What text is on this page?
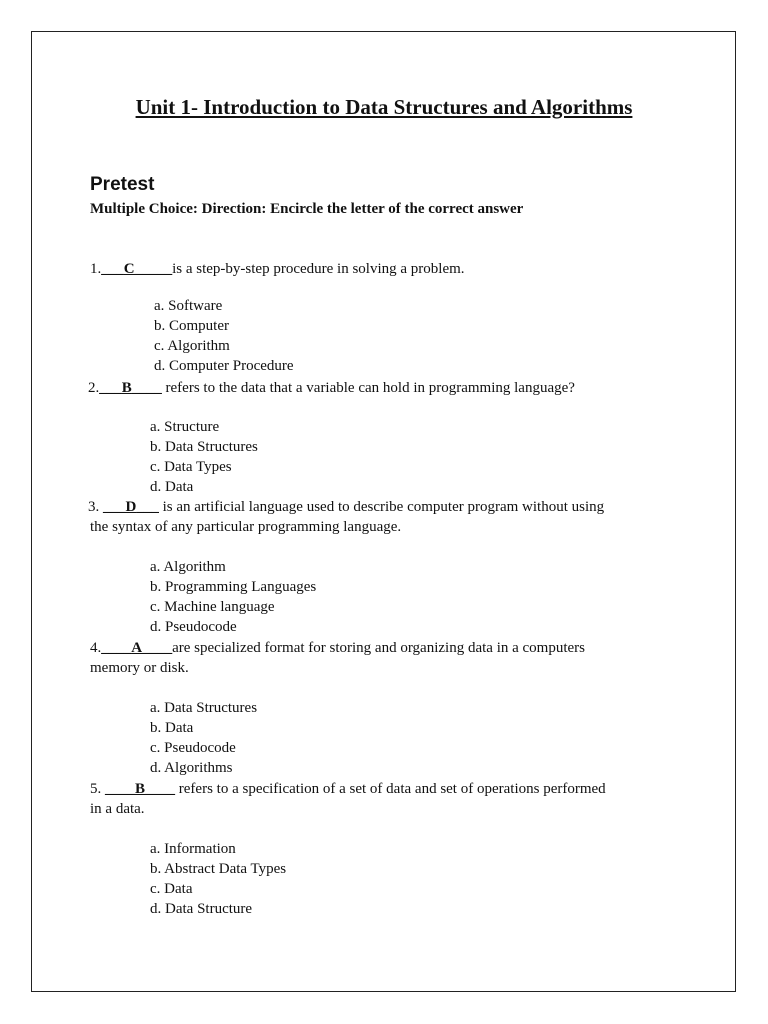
Unit 1- Introduction to Data Structures and Algorithms
Pretest
Multiple Choice: Direction: Encircle the letter of the correct answer
1.___C_____is a step-by-step procedure in solving a problem.
a. Software
b. Computer
c. Algorithm
d. Computer Procedure
2.___B____ refers to the data that a variable can hold in programming language?
a. Structure
b. Data Structures
c. Data Types
d. Data
3. ___D___ is an artificial language used to describe computer program without using
the syntax of any particular programming language.
a. Algorithm
b. Programming Languages
c. Machine language
d. Pseudocode
4.____A____are specialized format for storing and organizing data in a computers
memory or disk.
a. Data Structures
b. Data
c. Pseudocode
d. Algorithms
5. ____B____ refers to a specification of a set of data and set of operations performed
in a data.
a. Information
b. Abstract Data Types
c. Data
d. Data Structure
